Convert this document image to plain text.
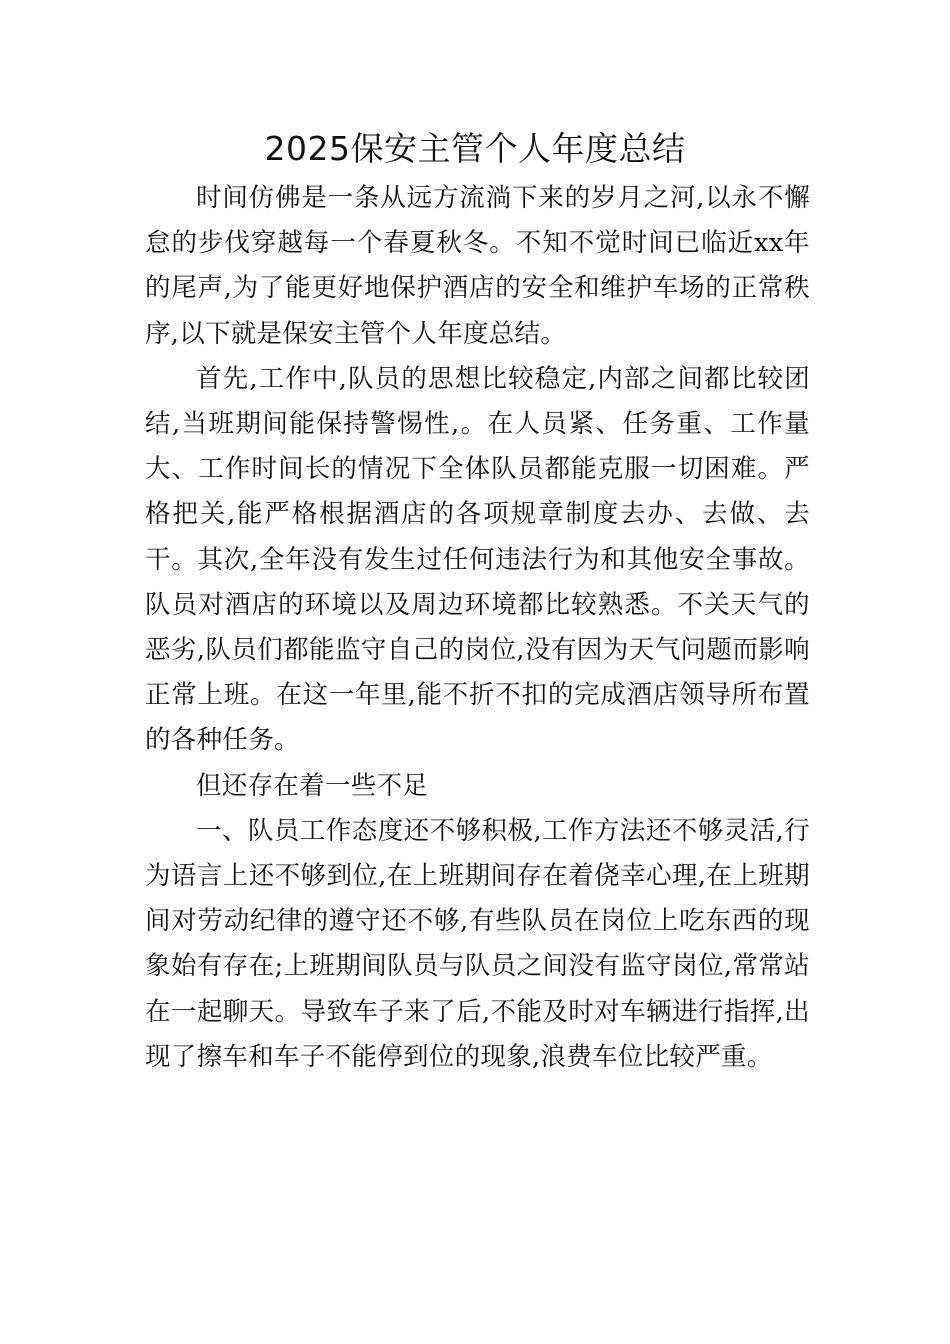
2025保安主管个人年度总结

时间仿佛是一条从远方流淌下来的岁月之河,以永不懈怠的步伐穿越每一个春夏秋冬。不知不觉时间已临近xx年的尾声,为了能更好地保护酒店的安全和维护车场的正常秩序,以下就是保安主管个人年度总结。

首先,工作中,队员的思想比较稳定,内部之间都比较团结,当班期间能保持警惕性,。在人员紧、任务重、工作量大、工作时间长的情况下全体队员都能克服一切困难。严格把关,能严格根据酒店的各项规章制度去办、去做、去干。其次,全年没有发生过任何违法行为和其他安全事故。队员对酒店的环境以及周边环境都比较熟悉。不关天气的恶劣,队员们都能监守自己的岗位,没有因为天气问题而影响正常上班。在这一年里,能不折不扣的完成酒店领导所布置的各种任务。

但还存在着一些不足

一、队员工作态度还不够积极,工作方法还不够灵活,行为语言上还不够到位,在上班期间存在着侥幸心理,在上班期间对劳动纪律的遵守还不够,有些队员在岗位上吃东西的现象始有存在;上班期间队员与队员之间没有监守岗位,常常站在一起聊天。导致车子来了后,不能及时对车辆进行指挥,出现了擦车和车子不能停到位的现象,浪费车位比较严重。
